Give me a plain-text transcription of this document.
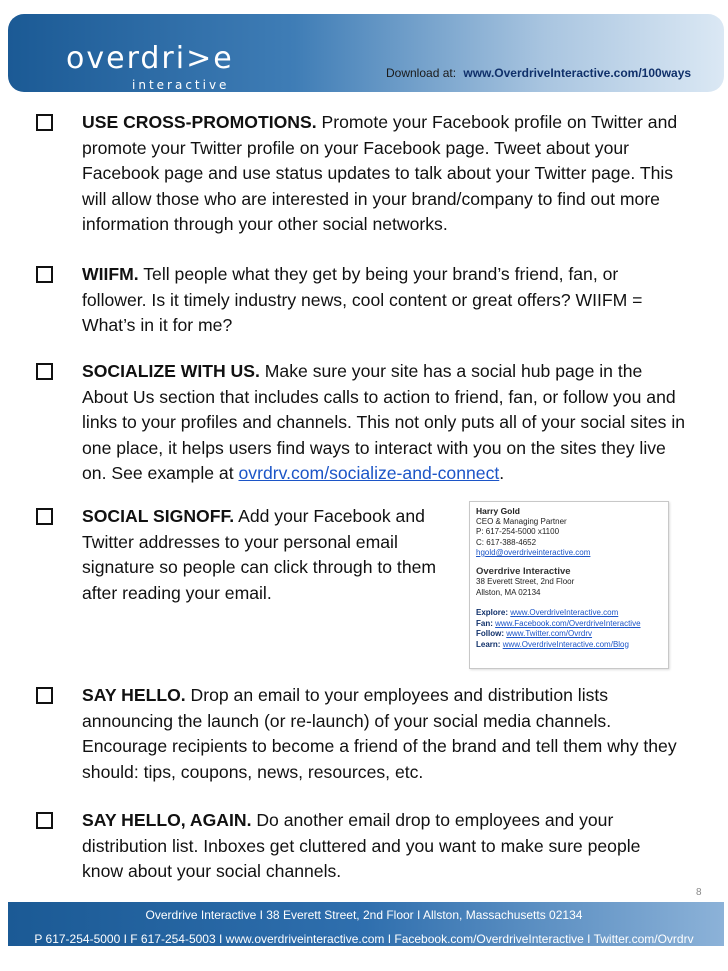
overdri>e
interactive
Download at: www.OverdriveInteractive.com/100ways
USE CROSS-PROMOTIONS. Promote your Facebook profile on Twitter and promote your Twitter profile on your Facebook page. Tweet about your Facebook page and use status updates to talk about your Twitter page. This will allow those who are interested in your brand/company to find out more information through your other social networks.
WIIFM. Tell people what they get by being your brand’s friend, fan, or follower. Is it timely industry news, cool content or great offers? WIIFM = What’s in it for me?
SOCIALIZE WITH US. Make sure your site has a social hub page in the About Us section that includes calls to action to friend, fan, or follow you and links to your profiles and channels. This not only puts all of your social sites in one place, it helps users find ways to interact with you on the sites they live on. See example at ovrdrv.com/socialize-and-connect.
SOCIAL SIGNOFF. Add your Facebook and Twitter addresses to your personal email signature so people can click through to them after reading your email.
Harry Gold
CEO & Managing Partner
P: 617-254-5000 x1100
C: 617-388-4652
hgold@overdriveinteractive.com
Overdrive Interactive
38 Everett Street, 2nd Floor
Allston, MA 02134
Explore: www.OverdriveInteractive.com
Fan: www.Facebook.com/OverdriveInteractive
Follow: www.Twitter.com/Ovrdrv
Learn: www.OverdriveInteractive.com/Blog
SAY HELLO. Drop an email to your employees and distribution lists announcing the launch (or re-launch) of your social media channels. Encourage recipients to become a friend of the brand and tell them why they should: tips, coupons, news, resources, etc.
SAY HELLO, AGAIN. Do another email drop to employees and your distribution list. Inboxes get cluttered and you want to make sure people know about your social channels.
8
Overdrive Interactive I 38 Everett Street, 2nd Floor I Allston, Massachusetts 02134
P 617-254-5000 I F 617-254-5003 I www.overdriveinteractive.com I Facebook.com/OverdriveInteractive I Twitter.com/Ovrdrv
